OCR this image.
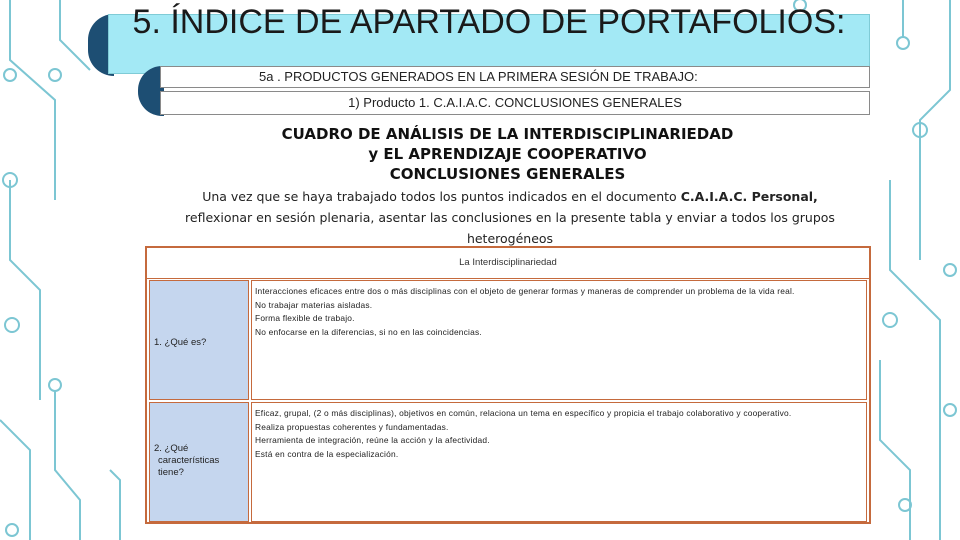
5. ÍNDICE DE APARTADO DE PORTAFOLIOS:
5a . PRODUCTOS GENERADOS EN LA PRIMERA SESIÓN DE TRABAJO:
1) Producto 1. C.A.I.A.C. CONCLUSIONES GENERALES
CUADRO DE ANÁLISIS DE LA INTERDISCIPLINARIEDAD
y EL APRENDIZAJE COOPERATIVO
CONCLUSIONES GENERALES
Una vez que se haya trabajado todos los puntos indicados en el documento C.A.I.A.C. Personal, reflexionar en sesión plenaria, asentar las conclusiones en la presente tabla y enviar a todos los grupos heterogéneos
La Interdisciplinariedad
1. ¿Qué es?
Interacciones eficaces entre dos o más disciplinas con el objeto de generar formas y maneras de comprender un problema de la vida real.
No trabajar materias aisladas.
Forma flexible de trabajo.
No enfocarse en la diferencias, si no en las coincidencias.
2. ¿Qué
características
tiene?
Eficaz, grupal, (2 o más disciplinas), objetivos en común, relaciona un tema en específico y propicia el trabajo colaborativo y cooperativo.
Realiza propuestas coherentes y fundamentadas.
Herramienta de integración, reúne la acción y la afectividad.
Está en contra de la especialización.
